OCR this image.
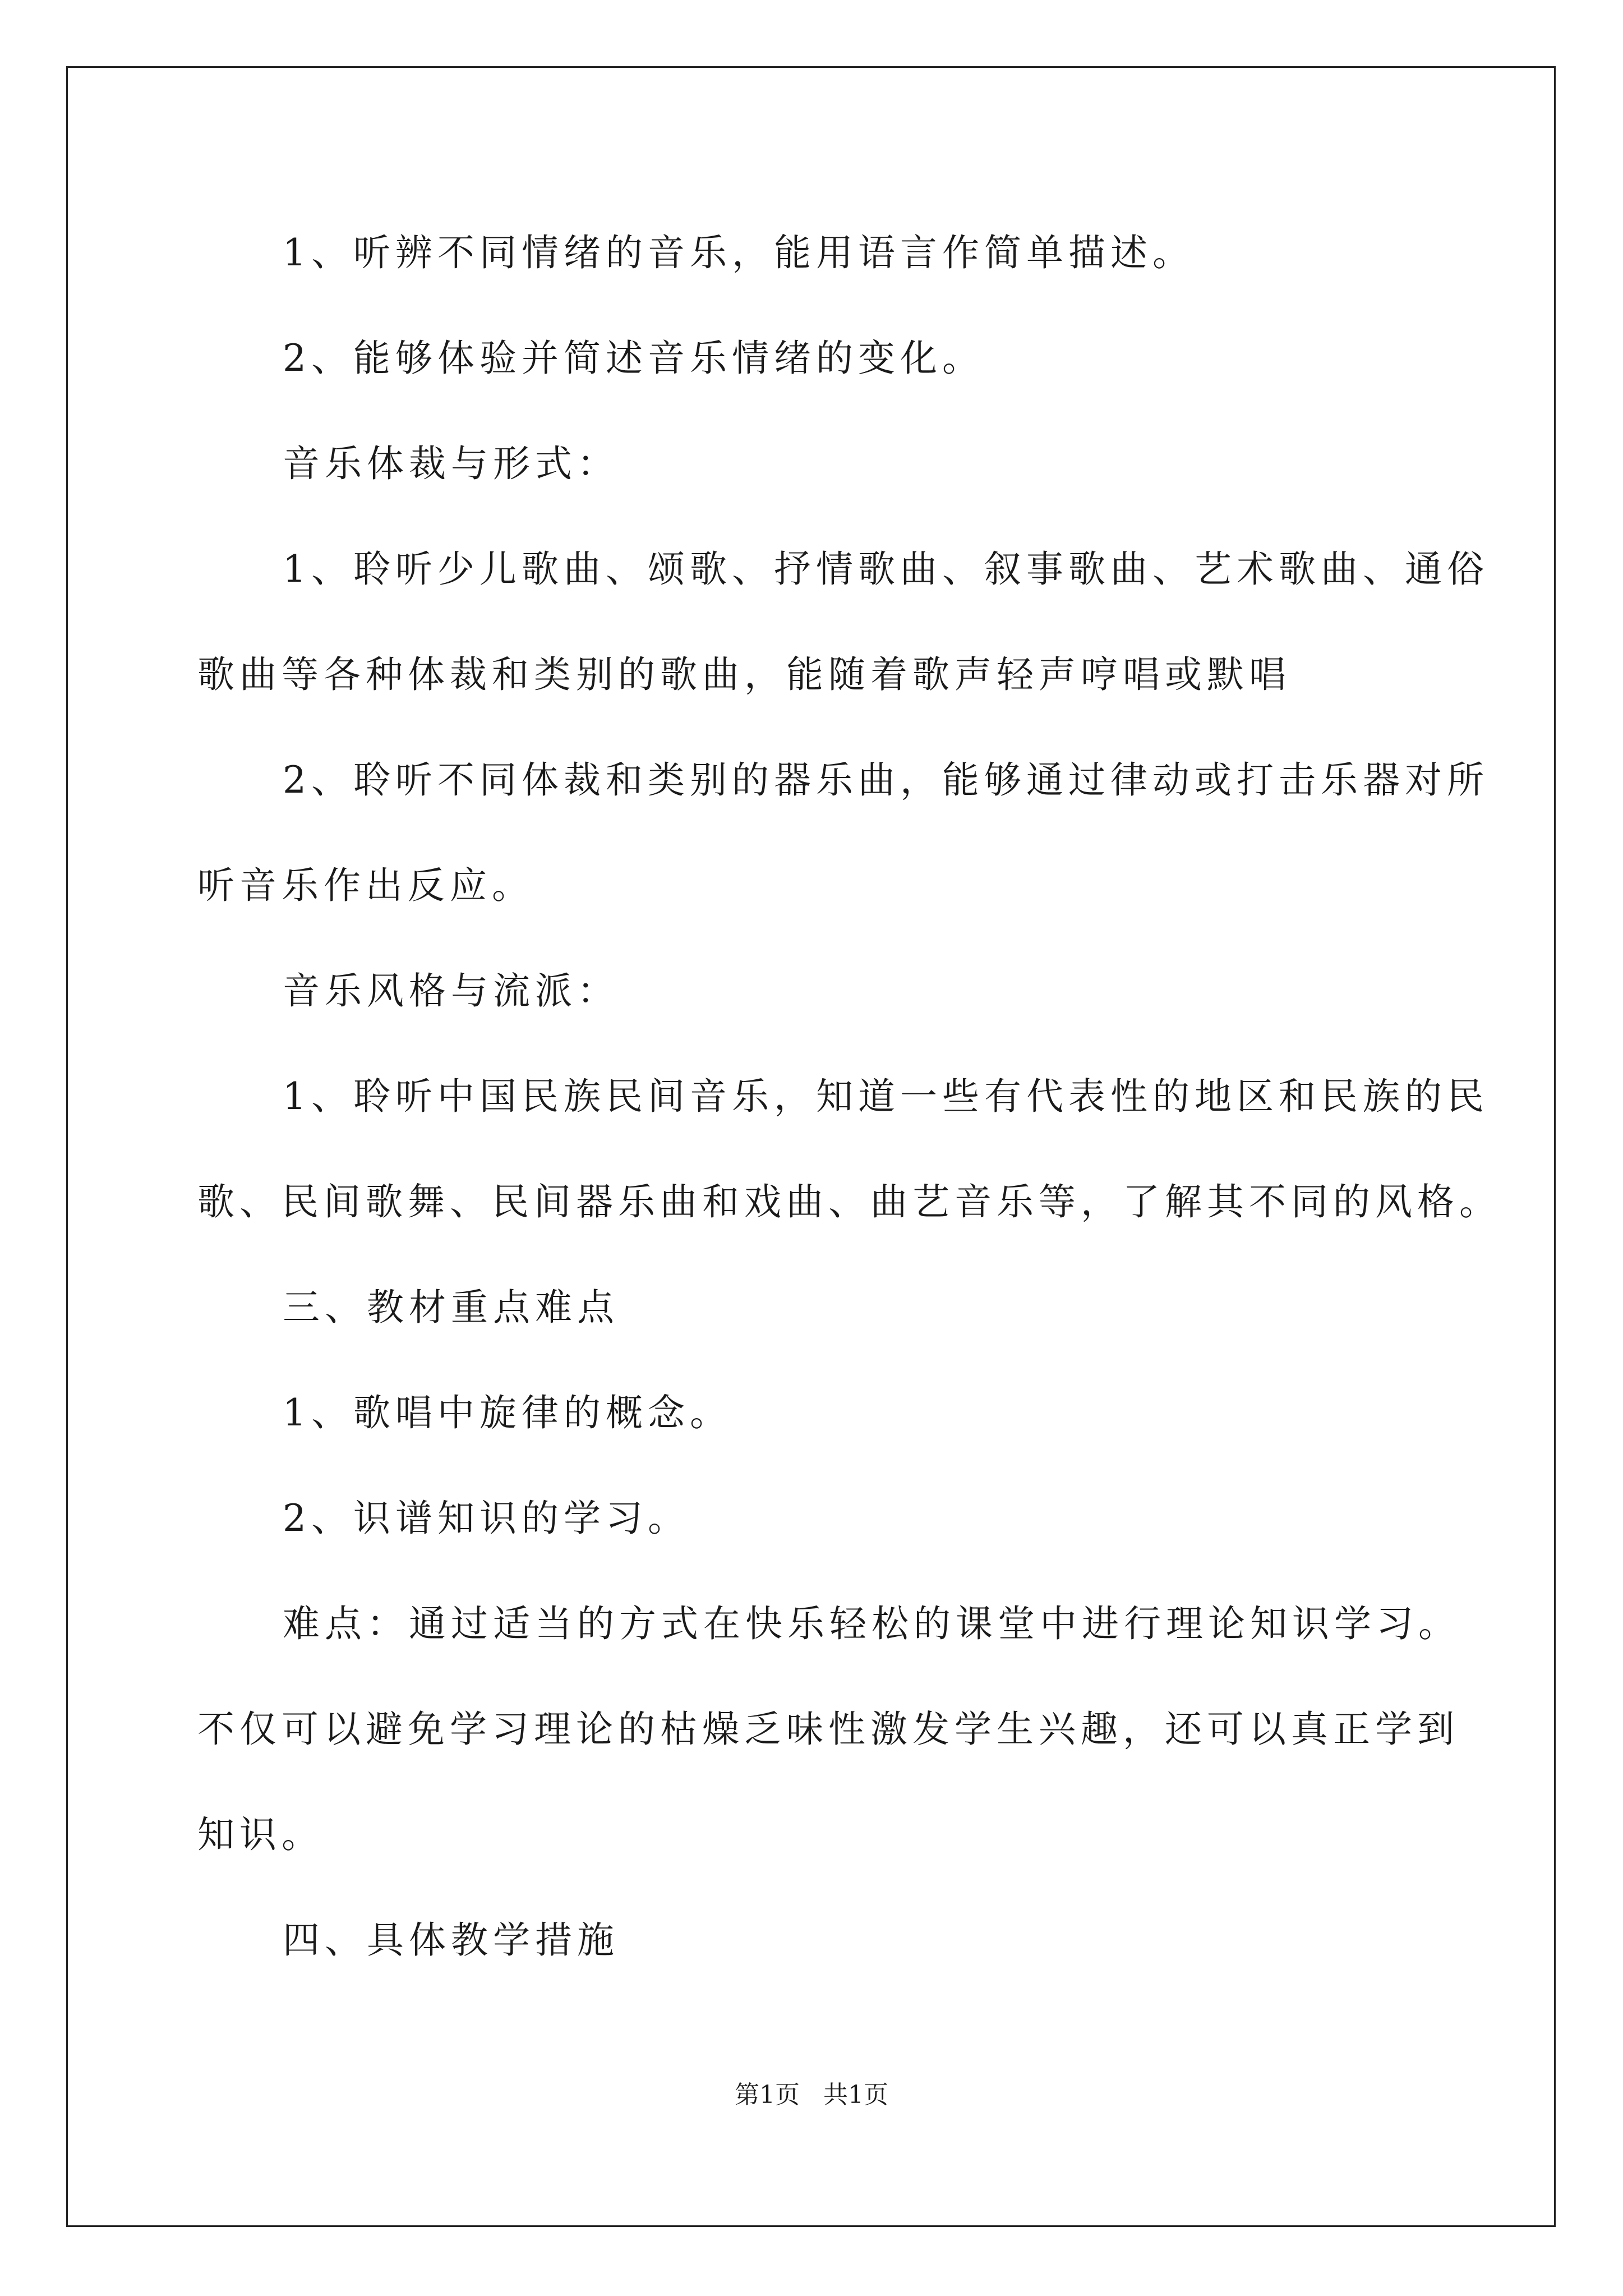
1、听辨不同情绪的音乐，能用语言作简单描述。
2、能够体验并简述音乐情绪的变化。
音乐体裁与形式：
1、聆听少儿歌曲、颂歌、抒情歌曲、叙事歌曲、艺术歌曲、通俗
歌曲等各种体裁和类别的歌曲，能随着歌声轻声哼唱或默唱
2、聆听不同体裁和类别的器乐曲，能够通过律动或打击乐器对所
听音乐作出反应。
音乐风格与流派：
1、聆听中国民族民间音乐，知道一些有代表性的地区和民族的民
歌、民间歌舞、民间器乐曲和戏曲、曲艺音乐等，了解其不同的风格。
三、教材重点难点
1、歌唱中旋律的概念。
2、识谱知识的学习。
难点：通过适当的方式在快乐轻松的课堂中进行理论知识学习。
不仅可以避免学习理论的枯燥乏味性激发学生兴趣，还可以真正学到
知识。
四、具体教学措施
第1页   共1页
